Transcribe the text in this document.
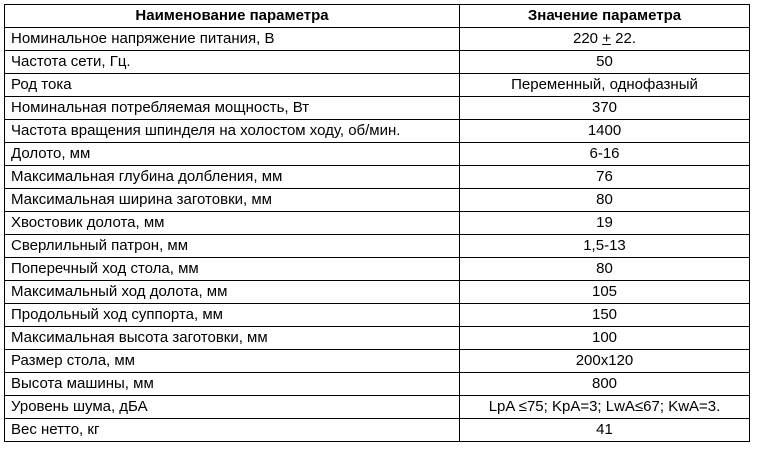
Наименование параметра	Значение параметра
Номинальное напряжение питания, В	220 + 22.
Частота сети, Гц.	50
Род тока	Переменный, однофазный
Номинальная потребляемая мощность, Вт	370
Частота вращения шпинделя на холостом ходу, об/мин.	1400
Долото, мм	6-16
Максимальная глубина долбления, мм	76
Максимальная ширина заготовки, мм	80
Хвостовик долота, мм	19
Сверлильный патрон, мм	1,5-13
Поперечный ход стола, мм	80
Максимальный ход долота, мм	105
Продольный ход суппорта, мм	150
Максимальная высота заготовки, мм	100
Размер стола, мм	200х120
Высота машины, мм	800
Уровень шума, дБА	LpA ≤75; KpA=3; LwA≤67; KwA=3.
Вес нетто, кг	41
